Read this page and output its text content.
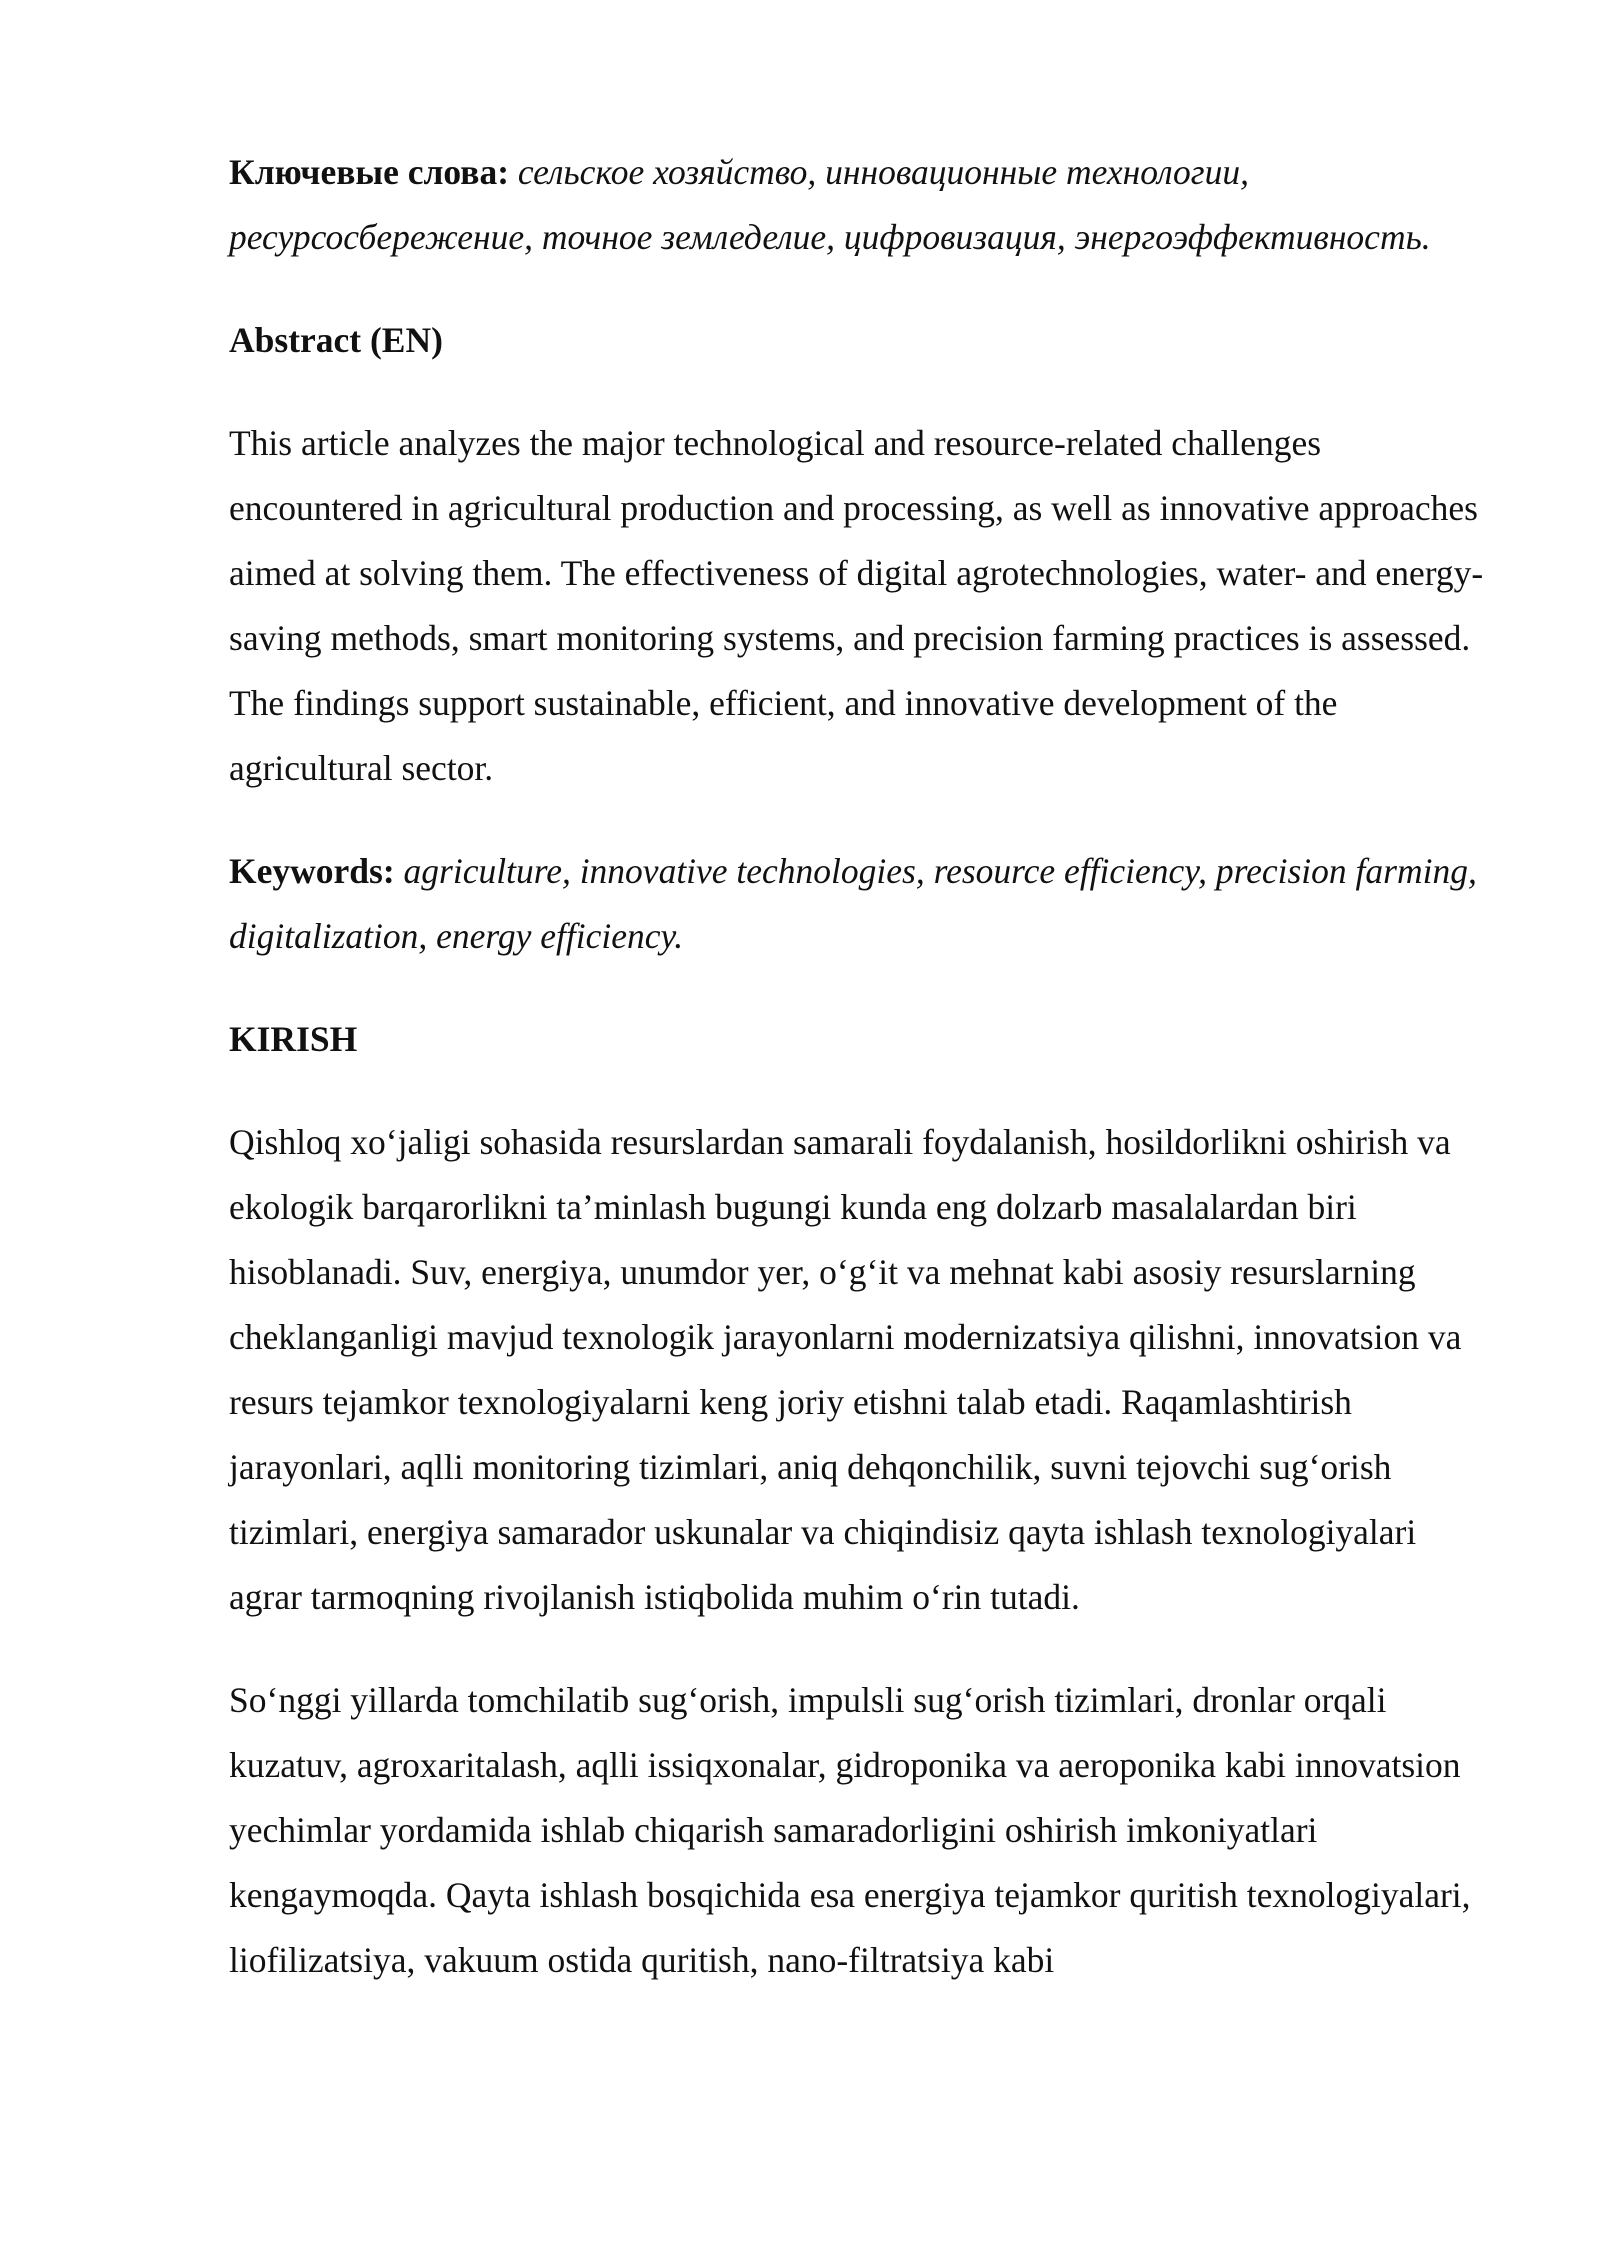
Ключевые слова: сельское хозяйство, инновационные технологии, ресурсосбережение, точное земледелие, цифровизация, энергоэффективность.

Abstract (EN)

This article analyzes the major technological and resource-related challenges encountered in agricultural production and processing, as well as innovative approaches aimed at solving them. The effectiveness of digital agrotechnologies, water- and energy-saving methods, smart monitoring systems, and precision farming practices is assessed. The findings support sustainable, efficient, and innovative development of the agricultural sector.

Keywords: agriculture, innovative technologies, resource efficiency, precision farming, digitalization, energy efficiency.

KIRISH

Qishloq xo‘jaligi sohasida resurslardan samarali foydalanish, hosildorlikni oshirish va ekologik barqarorlikni ta’minlash bugungi kunda eng dolzarb masalalardan biri hisoblanadi. Suv, energiya, unumdor yer, o‘g‘it va mehnat kabi asosiy resurslarning cheklanganligi mavjud texnologik jarayonlarni modernizatsiya qilishni, innovatsion va resurs tejamkor texnologiyalarni keng joriy etishni talab etadi. Raqamlashtirish jarayonlari, aqlli monitoring tizimlari, aniq dehqonchilik, suvni tejovchi sug‘orish tizimlari, energiya samarador uskunalar va chiqindisiz qayta ishlash texnologiyalari agrar tarmoqning rivojlanish istiqbolida muhim o‘rin tutadi.

So‘nggi yillarda tomchilatib sug‘orish, impulsli sug‘orish tizimlari, dronlar orqali kuzatuv, agroxaritalash, aqlli issiqxonalar, gidroponika va aeroponika kabi innovatsion yechimlar yordamida ishlab chiqarish samaradorligini oshirish imkoniyatlari kengaymoqda. Qayta ishlash bosqichida esa energiya tejamkor quritish texnologiyalari, liofilizatsiya, vakuum ostida quritish, nano-filtratsiya kabi
